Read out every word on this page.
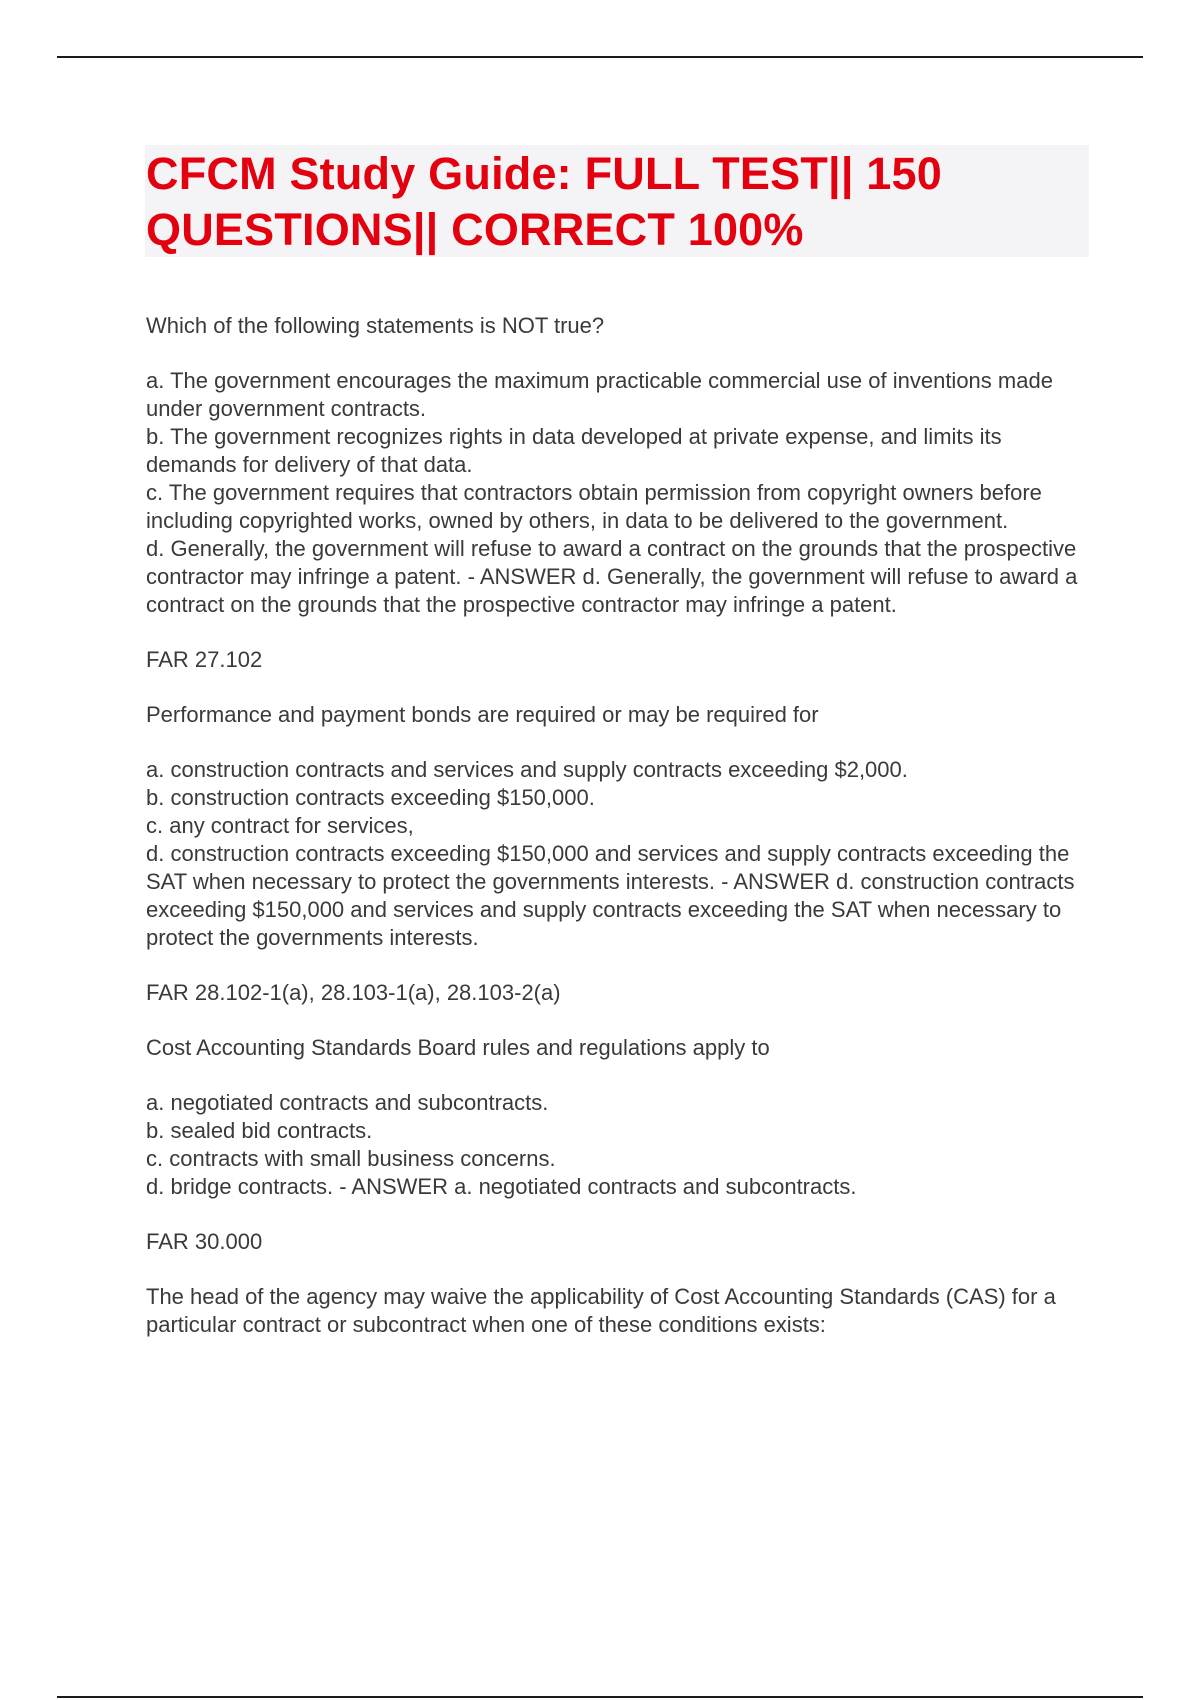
CFCM Study Guide: FULL TEST|| 150
QUESTIONS|| CORRECT 100%

Which of the following statements is NOT true?

a. The government encourages the maximum practicable commercial use of inventions made under government contracts.
b. The government recognizes rights in data developed at private expense, and limits its demands for delivery of that data.
c. The government requires that contractors obtain permission from copyright owners before including copyrighted works, owned by others, in data to be delivered to the government.
d. Generally, the government will refuse to award a contract on the grounds that the prospective contractor may infringe a patent. - ANSWER d. Generally, the government will refuse to award a contract on the grounds that the prospective contractor may infringe a patent.

FAR 27.102

Performance and payment bonds are required or may be required for

a. construction contracts and services and supply contracts exceeding $2,000.
b. construction contracts exceeding $150,000.
c. any contract for services,
d. construction contracts exceeding $150,000 and services and supply contracts exceeding the SAT when necessary to protect the governments interests. - ANSWER d. construction contracts exceeding $150,000 and services and supply contracts exceeding the SAT when necessary to protect the governments interests.

FAR 28.102-1(a), 28.103-1(a), 28.103-2(a)

Cost Accounting Standards Board rules and regulations apply to

a. negotiated contracts and subcontracts.
b. sealed bid contracts.
c. contracts with small business concerns.
d. bridge contracts. - ANSWER a. negotiated contracts and subcontracts.

FAR 30.000

The head of the agency may waive the applicability of Cost Accounting Standards (CAS) for a particular contract or subcontract when one of these conditions exists:
